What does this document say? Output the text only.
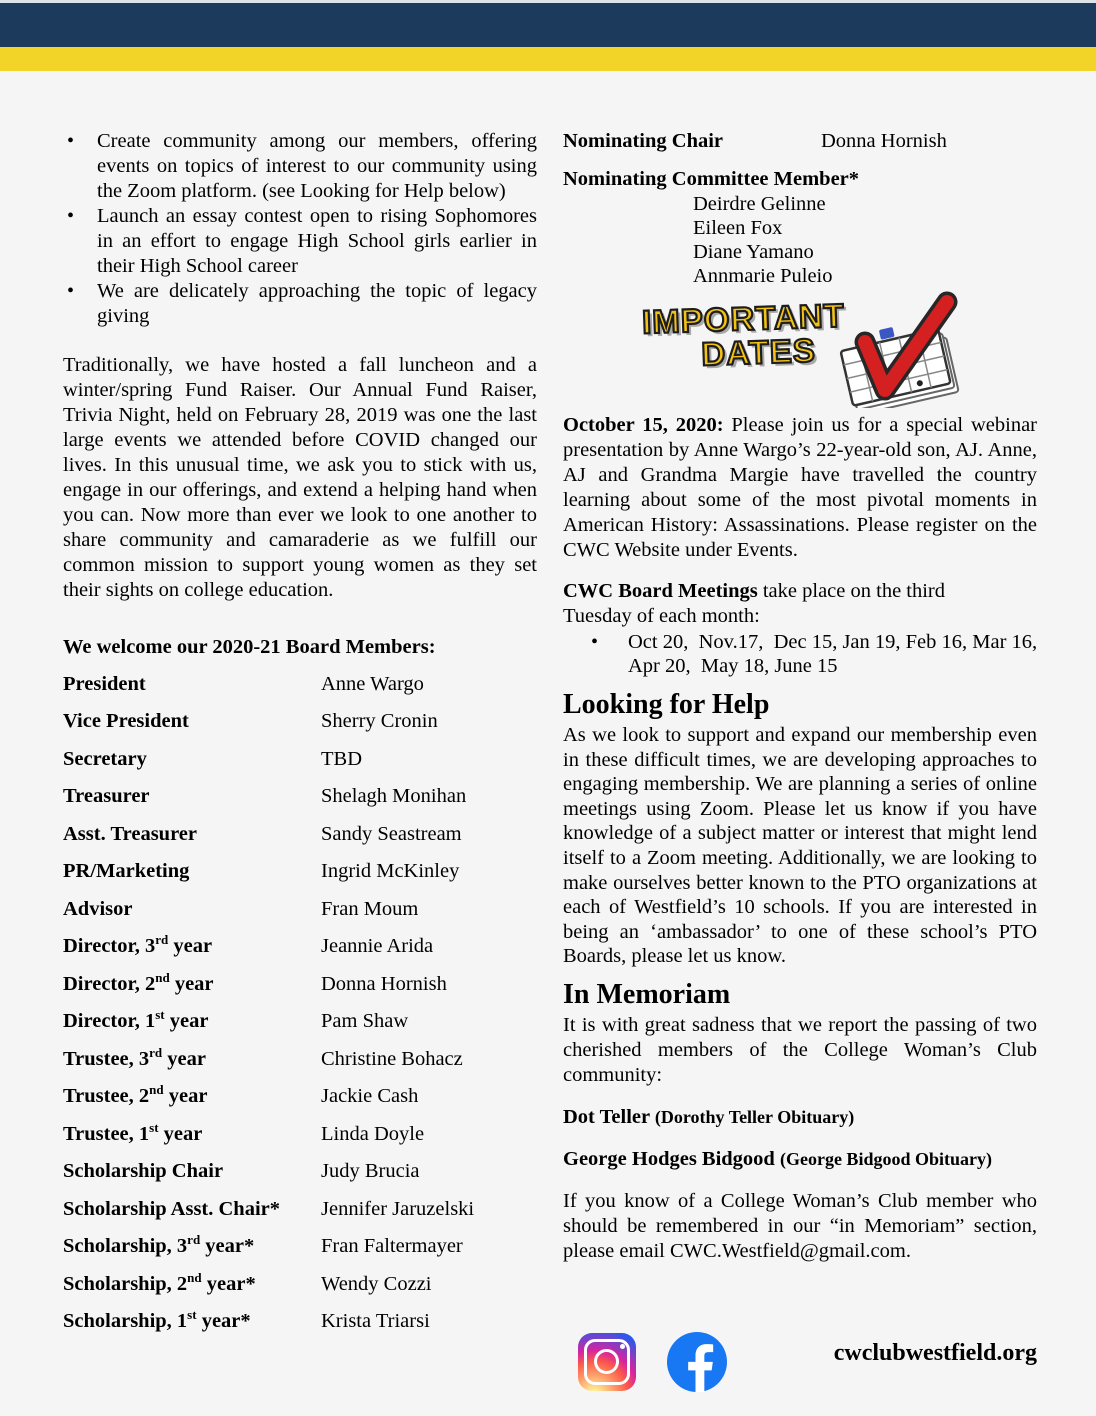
•
Create community among our members, offering events on topics of interest to our community using the Zoom platform. (see Looking for Help below)
•
Launch an essay contest open to rising Sophomores in an effort to engage High School girls earlier in their High School career
•
We are delicately approaching the topic of legacy giving

Traditionally, we have hosted a fall luncheon and a winter/spring Fund Raiser. Our Annual Fund Raiser, Trivia Night, held on February 28, 2019 was one the last large events we attended before COVID changed our lives. In this unusual time, we ask you to stick with us, engage in our offerings, and extend a helping hand when you can. Now more than ever we look to one another to share community and camaraderie as we fulfill our common mission to support young women as they set their sights on college education.

We welcome our 2020-21 Board Members:
President	Anne Wargo
Vice President	Sherry Cronin
Secretary	TBD
Treasurer	Shelagh Monihan
Asst. Treasurer	Sandy Seastream
PR/Marketing	Ingrid McKinley
Advisor	Fran Moum
Director, 3rd year	Jeannie Arida
Director, 2nd year	Donna Hornish
Director, 1st year	Pam Shaw
Trustee, 3rd year	Christine Bohacz
Trustee, 2nd year	Jackie Cash
Trustee, 1st year	Linda Doyle
Scholarship Chair	Judy Brucia
Scholarship Asst. Chair*	Jennifer Jaruzelski
Scholarship, 3rd year*	Fran Faltermayer
Scholarship, 2nd year*	Wendy Cozzi
Scholarship, 1st year*	Krista Triarsi
Nominating Chair	Donna Hornish
Nominating Committee Member*
Deirdre Gelinne
Eileen Fox
Diane Yamano
Annmarie Puleio
IMPORTANT
DATES

October 15, 2020: Please join us for a special webinar presentation by Anne Wargo’s 22-year-old son, AJ. Anne, AJ and Grandma Margie have travelled the country learning about some of the most pivotal moments in American History: Assassinations. Please register on the CWC Website under Events.

CWC Board Meetings take place on the third
Tuesday of each month:
•
Oct 20,  Nov.17,  Dec 15, Jan 19, Feb 16, Mar 16,
Apr 20,  May 18, June 15
Looking for Help

As we look to support and expand our membership even in these difficult times, we are developing approaches to engaging membership. We are planning a series of online meetings using Zoom. Please let us know if you have knowledge of a subject matter or interest that might lend itself to a Zoom meeting. Additionally, we are looking to make ourselves better known to the PTO organizations at each of Westfield’s 10 schools. If you are interested in being an ‘ambassador’ to one of these school’s PTO Boards, please let us know.

In Memoriam

It is with great sadness that we report the passing of two cherished members of the College Woman’s Club community:

Dot Teller (Dorothy Teller Obituary)
George Hodges Bidgood (George Bidgood Obituary)

If you know of a College Woman’s Club member who should be remembered in our “in Memoriam” section, please email CWC.Westfield@gmail.com.

cwclubwestfield.org
